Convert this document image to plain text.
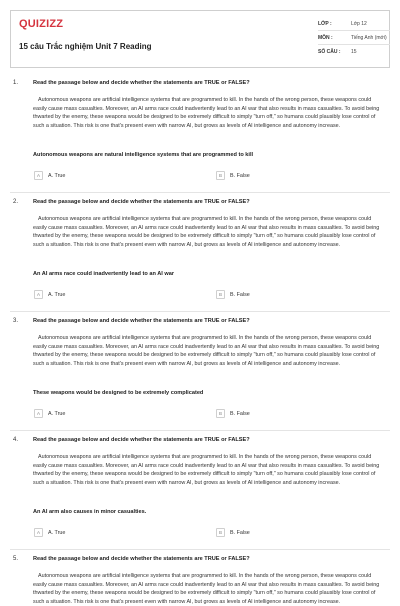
QUIZIZZ
15 câu Trắc nghiệm Unit 7 Reading
LỚP :	Lớp 12
MÔN :	Tiếng Anh (mới)
SỐ CÂU :	15
1.	Read the passage below and decide whether the statements are TRUE or FALSE?
Autonomous weapons are artificial intelligence systems that are programmed to kill. In the hands of the wrong person, these weapons could easily cause mass casualties. Moreover, an AI arms race could inadvertently lead to an AI war that also results in mass casualties. To avoid being thwarted by the enemy, these weapons would be designed to be extremely difficult to simply "turn off," so humans could plausibly lose control of such a situation. This risk is one that's present even with narrow AI, but grows as levels of AI intelligence and autonomy increase.
Autonomous weapons are natural intelligence systems that are programmed to kill
A	A. True	B	B. False
2.	Read the passage below and decide whether the statements are TRUE or FALSE?
Autonomous weapons are artificial intelligence systems that are programmed to kill. In the hands of the wrong person, these weapons could easily cause mass casualties. Moreover, an AI arms race could inadvertently lead to an AI war that also results in mass casualties. To avoid being thwarted by the enemy, these weapons would be designed to be extremely difficult to simply "turn off," so humans could plausibly lose control of such a situation. This risk is one that's present even with narrow AI, but grows as levels of AI intelligence and autonomy increase.
An AI arms race could inadvertently lead to an AI war
A	A. True	B	B. False
3.	Read the passage below and decide whether the statements are TRUE or FALSE?
Autonomous weapons are artificial intelligence systems that are programmed to kill. In the hands of the wrong person, these weapons could easily cause mass casualties. Moreover, an AI arms race could inadvertently lead to an AI war that also results in mass casualties. To avoid being thwarted by the enemy, these weapons would be designed to be extremely difficult to simply "turn off," so humans could plausibly lose control of such a situation. This risk is one that's present even with narrow AI, but grows as levels of AI intelligence and autonomy increase.
These weapons would be designed to be extremely complicated
A	A. True	B	B. False
4.	Read the passage below and decide whether the statements are TRUE or FALSE?
Autonomous weapons are artificial intelligence systems that are programmed to kill. In the hands of the wrong person, these weapons could easily cause mass casualties. Moreover, an AI arms race could inadvertently lead to an AI war that also results in mass casualties. To avoid being thwarted by the enemy, these weapons would be designed to be extremely difficult to simply "turn off," so humans could plausibly lose control of such a situation. This risk is one that's present even with narrow AI, but grows as levels of AI intelligence and autonomy increase.
An AI arm also causes in minor casualties.
A	A. True	B	B. False
5.	Read the passage below and decide whether the statements are TRUE or FALSE?
Autonomous weapons are artificial intelligence systems that are programmed to kill. In the hands of the wrong person, these weapons could easily cause mass casualties. Moreover, an AI arms race could inadvertently lead to an AI war that also results in mass casualties. To avoid being thwarted by the enemy, these weapons would be designed to be extremely difficult to simply "turn off," so humans could plausibly lose control of such a situation. This risk is one that's present even with narrow AI, but grows as levels of AI intelligence and autonomy increase.
